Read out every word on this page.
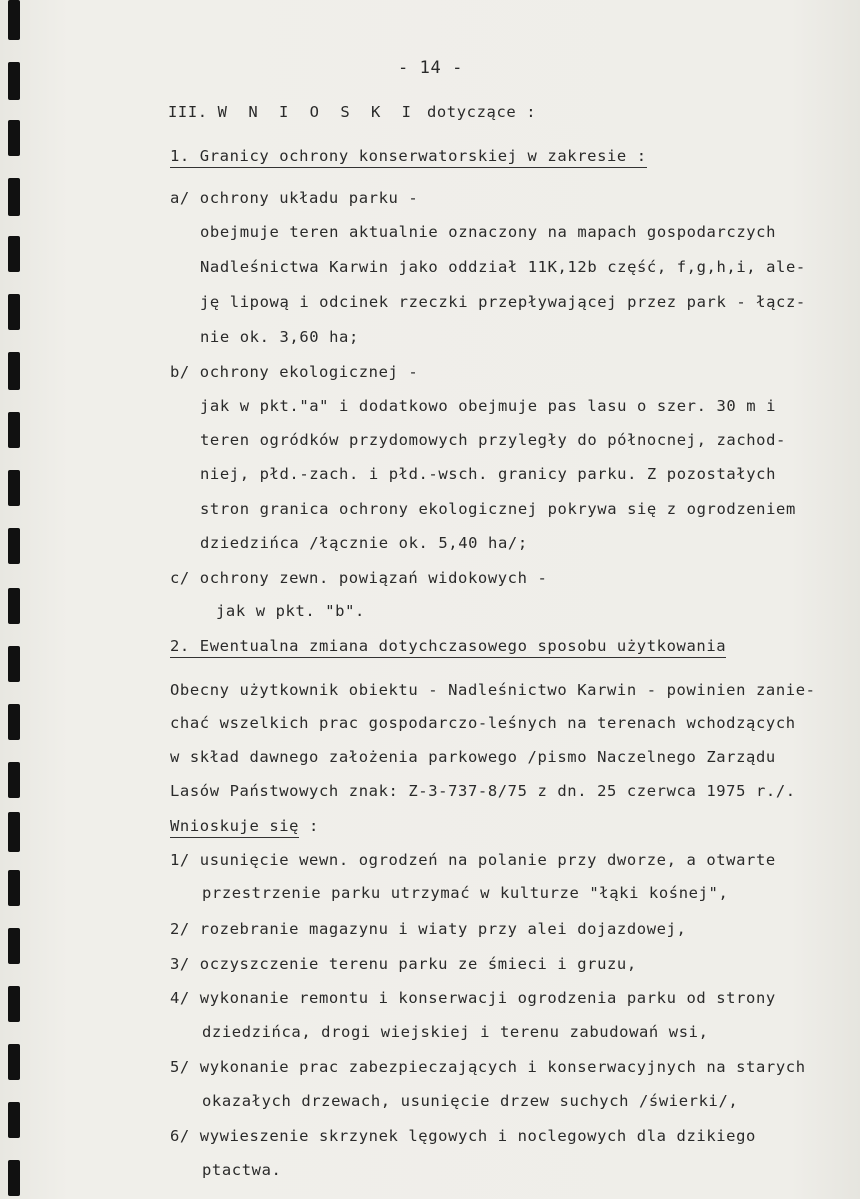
- 14 -
III. W N I O S K I dotyczące :
1. Granicy ochrony konserwatorskiej w zakresie :
a/ ochrony układu parku -
obejmuje teren aktualnie oznaczony na mapach gospodarczych
Nadleśnictwa Karwin jako oddział 11K,12b część, f,g,h,i, ale-
ję lipową i odcinek rzeczki przepływającej przez park - łącz-
nie ok. 3,60 ha;
b/ ochrony ekologicznej -
jak w pkt."a" i dodatkowo obejmuje pas lasu o szer. 30 m i
teren ogródków przydomowych przyległy do północnej, zachod-
niej, płd.-zach. i płd.-wsch. granicy parku. Z pozostałych
stron granica ochrony ekologicznej pokrywa się z ogrodzeniem
dziedzińca /łącznie ok. 5,40 ha/;
c/ ochrony zewn. powiązań widokowych -
jak w pkt. "b".
2. Ewentualna zmiana dotychczasowego sposobu użytkowania
Obecny użytkownik obiektu - Nadleśnictwo Karwin - powinien zanie-
chać wszelkich prac gospodarczo-leśnych na terenach wchodzących
w skład dawnego założenia parkowego /pismo Naczelnego Zarządu
Lasów Państwowych znak: Z-3-737-8/75 z dn. 25 czerwca 1975 r./.
Wnioskuje się :
1/ usunięcie wewn. ogrodzeń na polanie przy dworze, a otwarte
przestrzenie parku utrzymać w kulturze "łąki kośnej",
2/ rozebranie magazynu i wiaty przy alei dojazdowej,
3/ oczyszczenie terenu parku ze śmieci i gruzu,
4/ wykonanie remontu i konserwacji ogrodzenia parku od strony
dziedzińca, drogi wiejskiej i terenu zabudowań wsi,
5/ wykonanie prac zabezpieczających i konserwacyjnych na starych
okazałych drzewach, usunięcie drzew suchych /świerki/,
6/ wywieszenie skrzynek lęgowych i noclegowych dla dzikiego
ptactwa.
